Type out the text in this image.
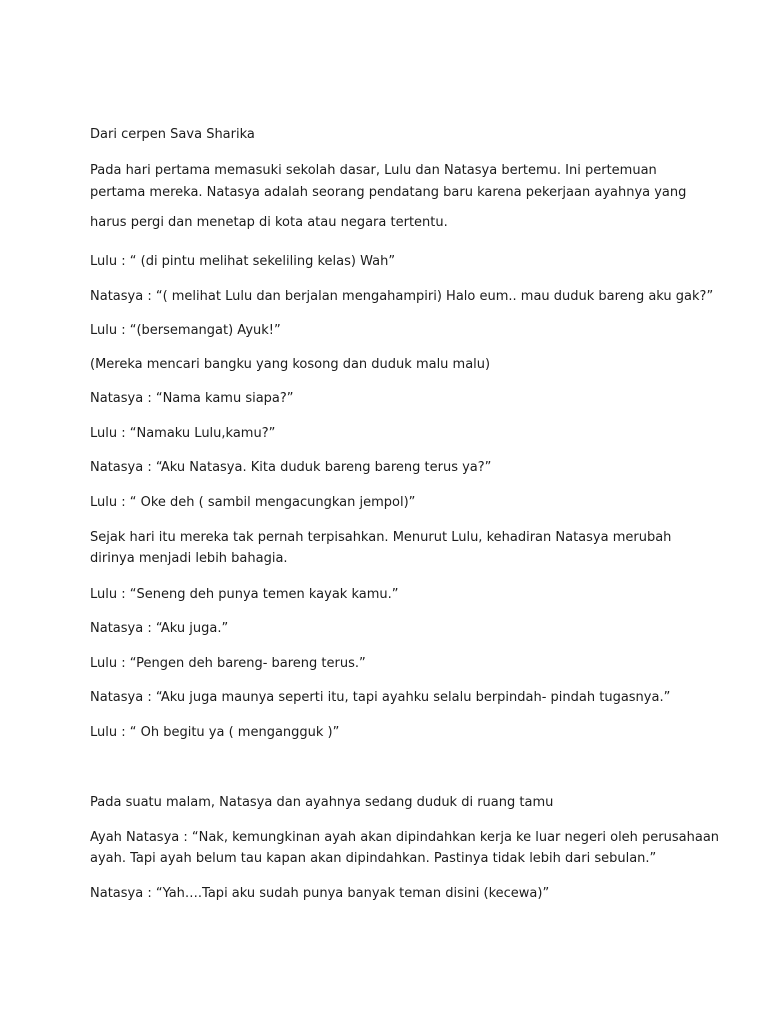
Dari cerpen Sava Sharika

Pada hari pertama memasuki sekolah dasar, Lulu dan Natasya bertemu. Ini pertemuan

pertama mereka. Natasya adalah seorang pendatang baru karena pekerjaan ayahnya yang

harus pergi dan menetap di kota atau negara tertentu.

Lulu : “ (di pintu melihat sekeliling kelas) Wah”

Natasya : “( melihat Lulu dan berjalan mengahampiri) Halo eum.. mau duduk bareng aku gak?”

Lulu : “(bersemangat) Ayuk!”

(Mereka mencari bangku yang kosong dan duduk malu malu)

Natasya : “Nama kamu siapa?”

Lulu : “Namaku Lulu,kamu?”

Natasya : “Aku Natasya. Kita duduk bareng bareng terus ya?”

Lulu : “ Oke deh ( sambil mengacungkan jempol)”

Sejak hari itu mereka tak pernah terpisahkan. Menurut Lulu, kehadiran Natasya merubah

dirinya menjadi lebih bahagia.

Lulu : “Seneng deh punya temen kayak kamu.”

Natasya : “Aku juga.”

Lulu : “Pengen deh bareng- bareng terus.”

Natasya : “Aku juga maunya seperti itu, tapi ayahku selalu berpindah- pindah tugasnya.”

Lulu : “ Oh begitu ya ( mengangguk )”

Pada suatu malam, Natasya dan ayahnya sedang duduk di ruang tamu

Ayah Natasya : “Nak, kemungkinan ayah akan dipindahkan kerja ke luar negeri oleh perusahaan

ayah. Tapi ayah belum tau kapan akan dipindahkan. Pastinya tidak lebih dari sebulan.”

Natasya : “Yah….Tapi aku sudah punya banyak teman disini (kecewa)”
